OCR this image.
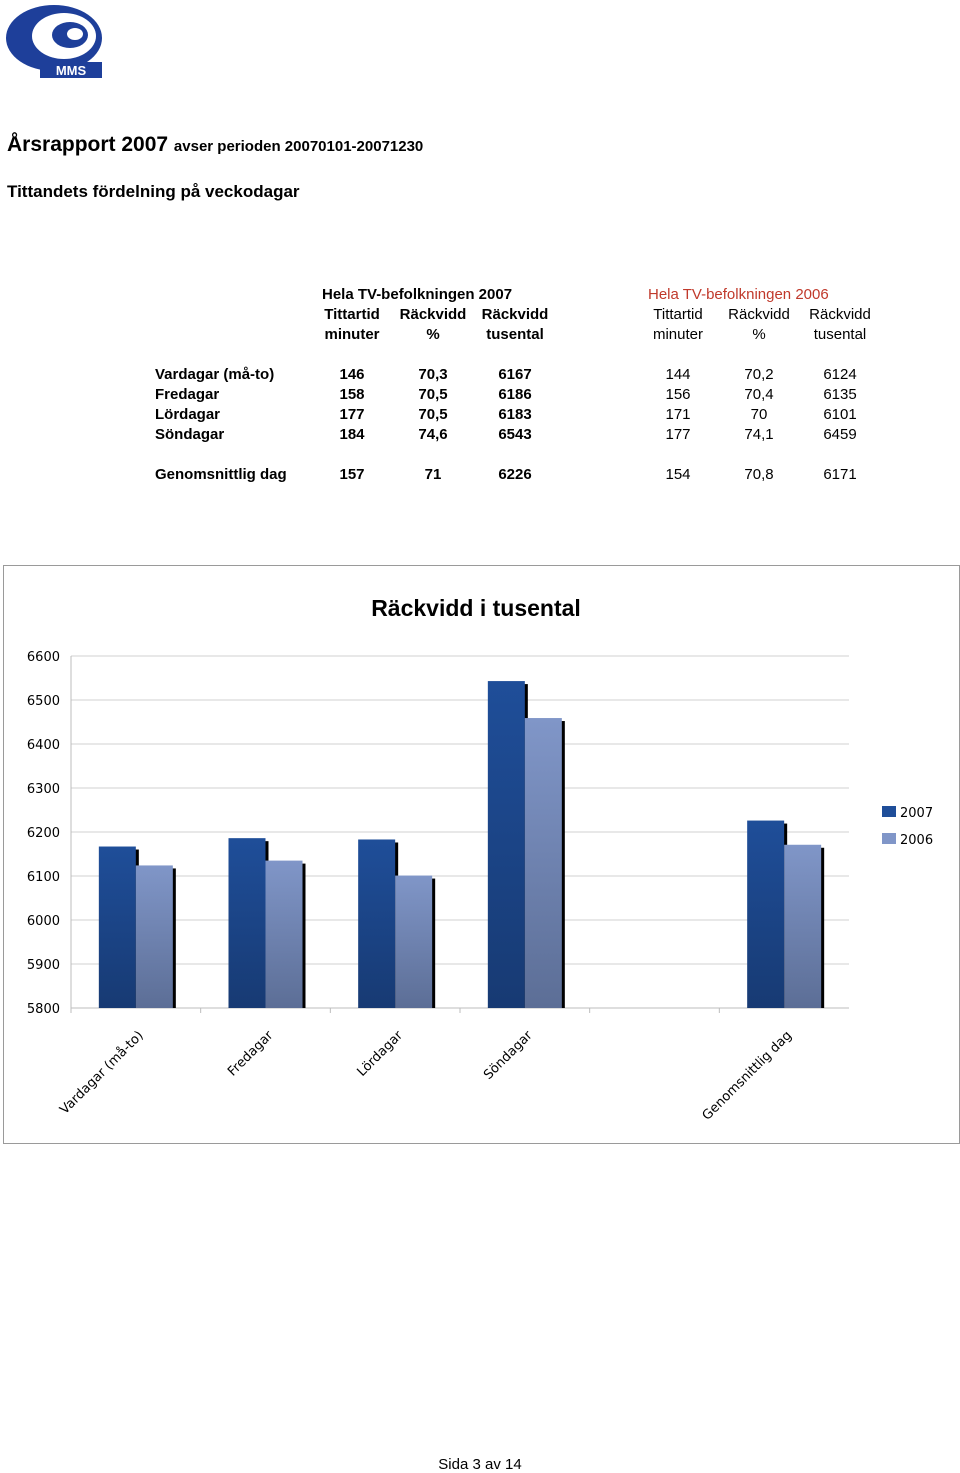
MMS
Årsrapport 2007 avser perioden 20070101-20071230
Tittandets fördelning på veckodagar
Hela TV-befolkningen 2007	Hela TV-befolkningen 2006
Tittartid Räckvidd Räckvidd
minuter	%	tusental
Tittartid Räckvidd Räckvidd
minuter	%	tusental
Vardagar (må-to)	146	70,3	6167	144	70,2	6124
Fredagar	158	70,5	6186	156	70,4	6135
Lördagar	177	70,5	6183	171	70	6101
Söndagar	184	74,6	6543	177	74,1	6459
Genomsnittlig dag	157	71	6226	154	70,8	6171
Räckvidd i tusental
5800
5900
6000
6100
6200
6300
6400
6500
6600
Vardagar (må-to)	Fredagar	Lördagar	Söndagar	Genomsnittlig dag
2007
2006
Sida 3 av 14
